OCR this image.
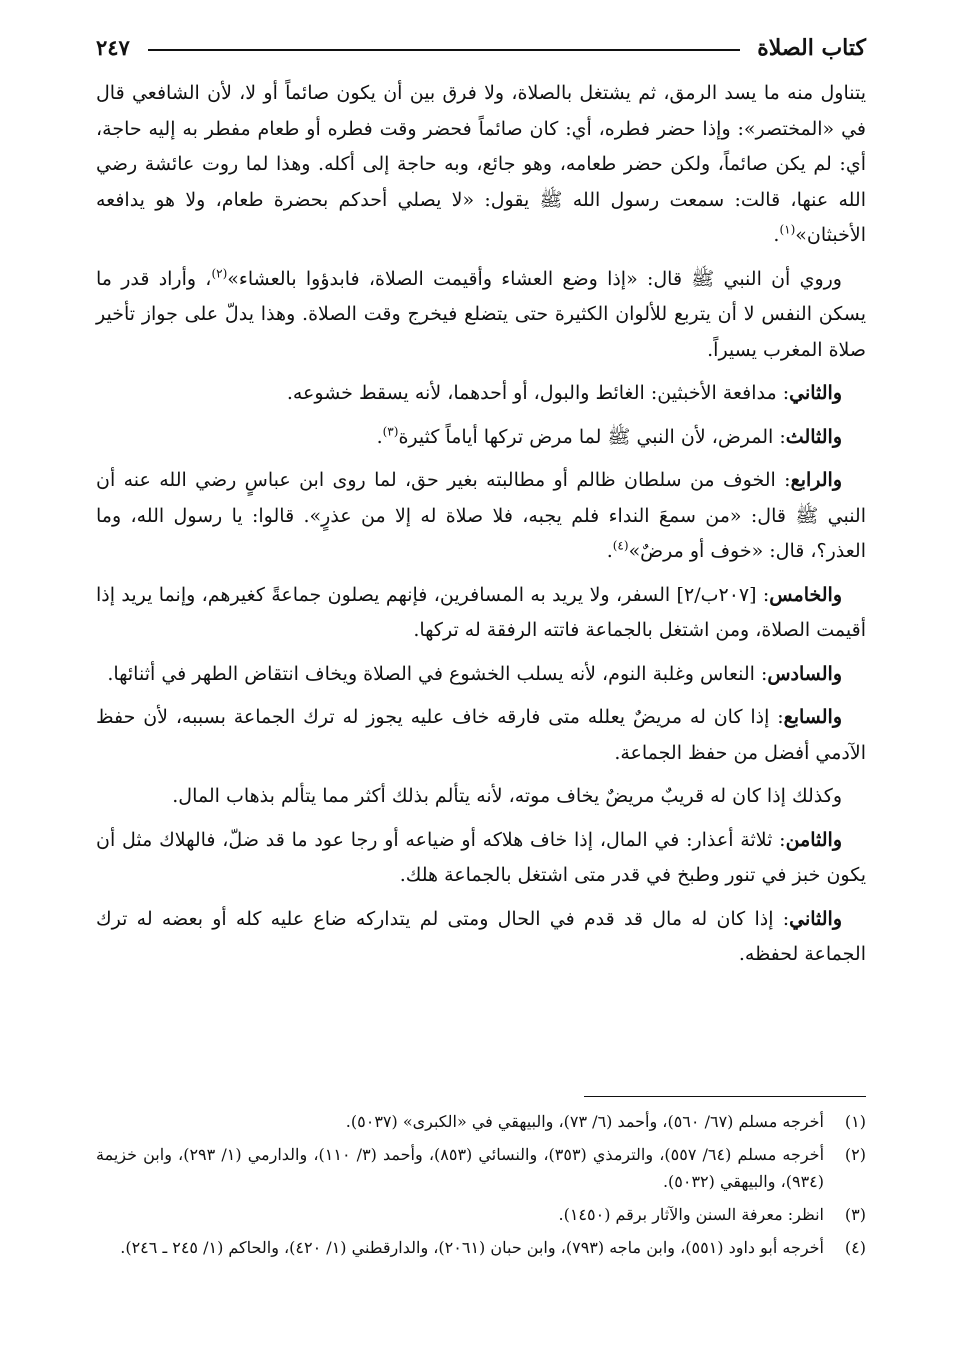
كتاب الصلاة
٢٤٧

يتناول منه ما يسد الرمق، ثم يشتغل بالصلاة، ولا فرق بين أن يكون صائماً أو لا، لأن الشافعي قال في «المختصر»: وإذا حضر فطره، أي: كان صائماً فحضر وقت فطره أو طعام مفطر به إليه حاجة، أي: لم يكن صائماً، ولكن حضر طعامه، وهو جائع، وبه حاجة إلى أكله. وهذا لما روت عائشة رضي الله عنها، قالت: سمعت رسول الله ﷺ يقول: «لا يصلي أحدكم بحضرة طعام، ولا هو يدافعه الأخبثان»$^{(١)}$.

وروي أن النبي ﷺ قال: «إذا وضع العشاء وأقيمت الصلاة، فابدؤوا بالعشاء»$^{(٢)}$، وأراد قدر ما يسكن النفس لا أن يتربع للألوان الكثيرة حتى يتضلع فيخرج وقت الصلاة. وهذا يدلّ على جواز تأخير صلاة المغرب يسيراً.

والثاني: مدافعة الأخبثين: الغائط والبول، أو أحدهما، لأنه يسقط خشوعه.

والثالث: المرض، لأن النبي ﷺ لما مرض تركها أياماً كثيرة$^{(٣)}$.

والرابع: الخوف من سلطان ظالم أو مطالبته بغير حق، لما روى ابن عباسٍ رضي الله عنه أن النبي ﷺ قال: «من سمعَ النداء فلم يجبه، فلا صلاة له إلا من عذرٍ». قالوا: يا رسول الله، وما العذر؟، قال: «خوف أو مرضٌ»$^{(٤)}$.

والخامس: [٢٠٧ب/٢] السفر، ولا يريد به المسافرين، فإنهم يصلون جماعةً كغيرهم، وإنما يريد إذا أقيمت الصلاة، ومن اشتغل بالجماعة فاتته الرفقة له تركها.

والسادس: النعاس وغلبة النوم، لأنه يسلب الخشوع في الصلاة ويخاف انتقاض الطهر في أثنائها.

والسابع: إذا كان له مريضٌ يعلله متى فارقه خاف عليه يجوز له ترك الجماعة بسببه، لأن حفظ الآدمي أفضل من حفظ الجماعة.

وكذلك إذا كان له قريبٌ مريضٌ يخاف موته، لأنه يتألم بذلك أكثر مما يتألم بذهاب المال.

والثامن: ثلاثة أعذار: في المال، إذا خاف هلاكه أو ضياعه أو رجا عود ما قد ضلّ، فالهلاك مثل أن يكون خبز في تنور وطبخ في قدر متى اشتغل بالجماعة هلك.

والثاني: إذا كان له مال قد قدم في الحال ومتى لم يتداركه ضاع عليه كله أو بعضه له ترك الجماعة لحفظه.

(١)
أخرجه مسلم (٦٧/ ٥٦٠)، وأحمد (٦/ ٧٣)، والبيهقي في «الكبرى» (٥٠٣٧).
(٢)
أخرجه مسلم (٦٤/ ٥٥٧)، والترمذي (٣٥٣)، والنسائي (٨٥٣)، وأحمد (٣/ ١١٠)، والدارمي (١/ ٢٩٣)، وابن خزيمة (٩٣٤)، والبيهقي (٥٠٣٢).
(٣)
انظر: معرفة السنن والآثار برقم (١٤٥٠).
(٤)
أخرجه أبو داود (٥٥١)، وابن ماجه (٧٩٣)، وابن حبان (٢٠٦١)، والدارقطني (١/ ٤٢٠)، والحاكم (١/ ٢٤٥ ـ ٢٤٦).
